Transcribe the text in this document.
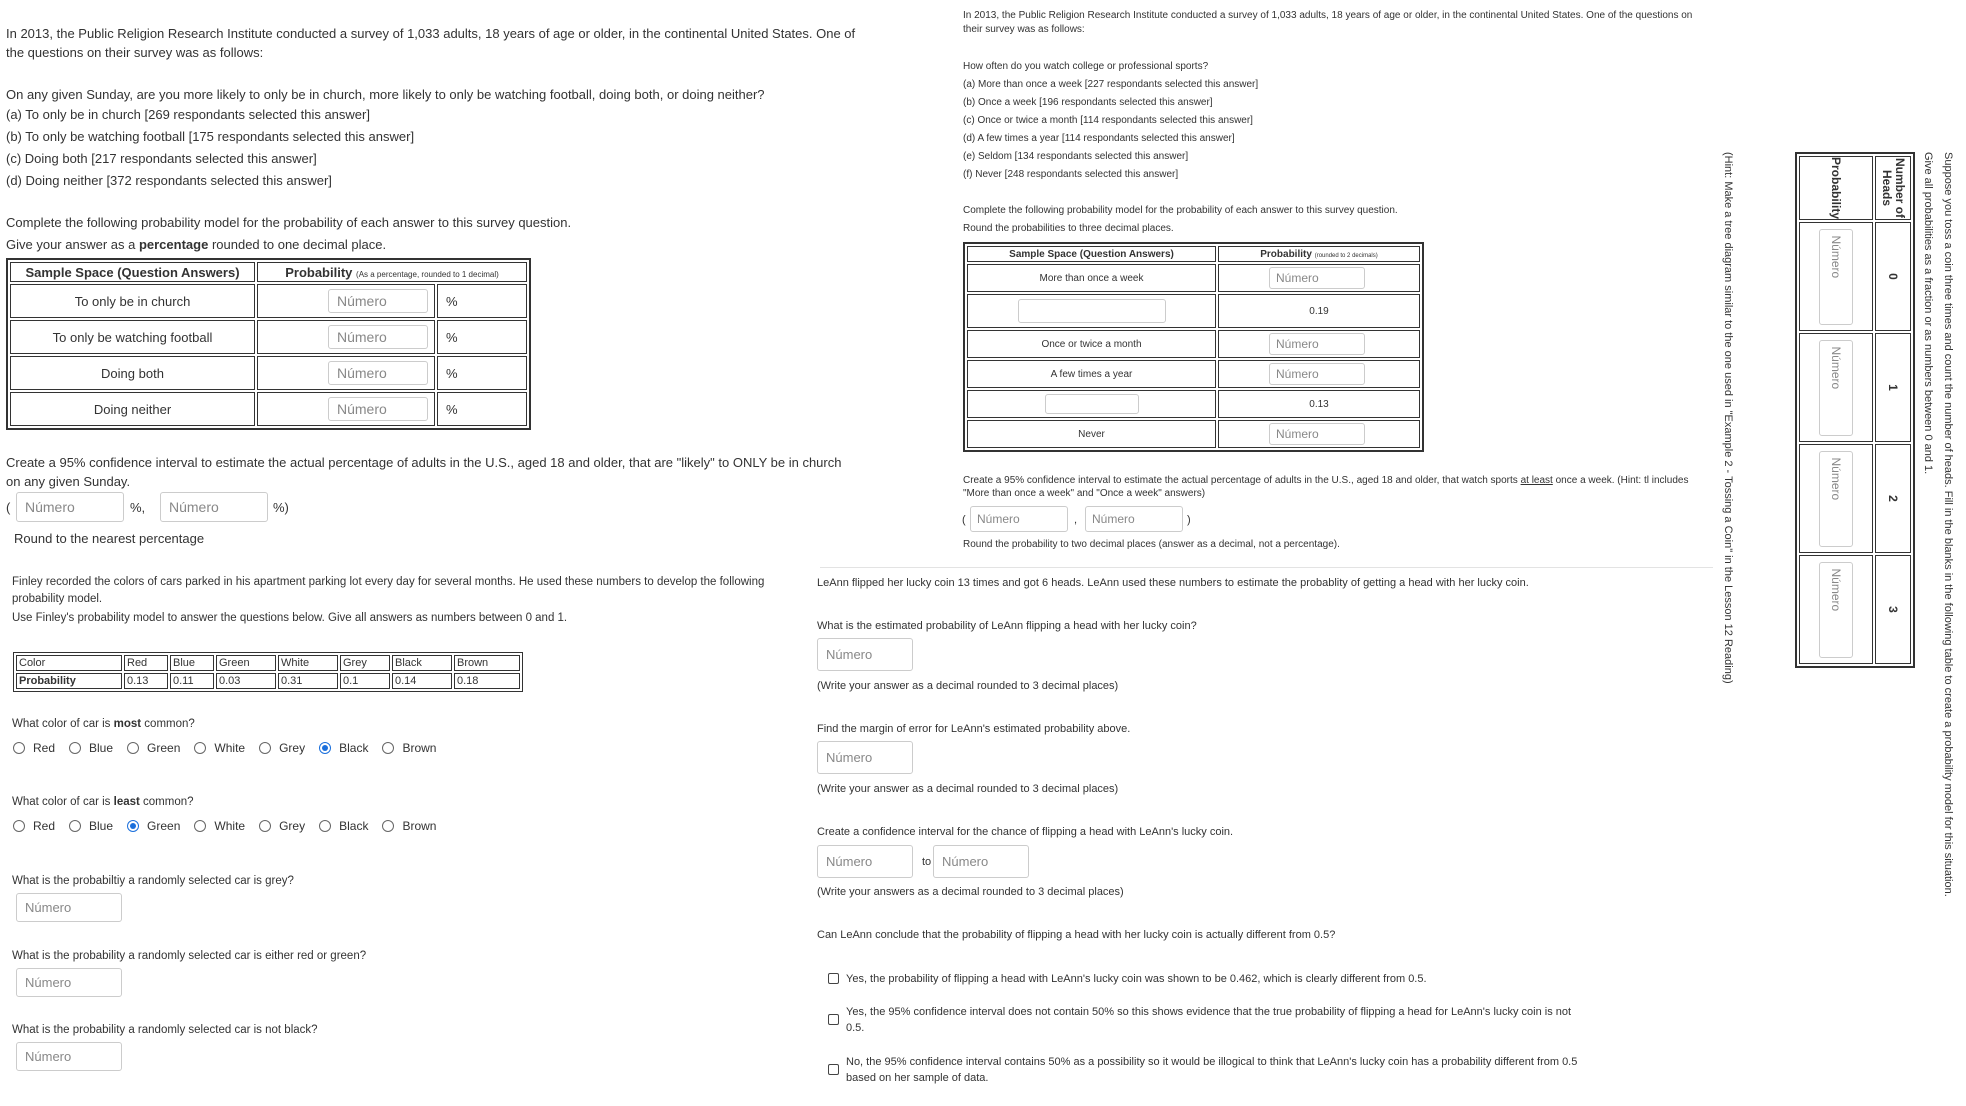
In 2013, the Public Religion Research Institute conducted a survey of 1,033 adults, 18 years of age or older, in the continental United States. One of the questions on their survey was as follows:

On any given Sunday, are you more likely to only be in church, more likely to only be watching football, doing both, or doing neither?

(a) To only be in church [269 respondants selected this answer]

(b) To only be watching football [175 respondants selected this answer]

(c) Doing both [217 respondants selected this answer]

(d) Doing neither [372 respondants selected this answer]

Complete the following probability model for the probability of each answer to this survey question.

Give your answer as a percentage rounded to one decimal place.

Sample Space (Question Answers)	Probability (As a percentage, rounded to 1 decimal)	
To only be in church	Número	%
To only be watching football	Número	%
Doing both	Número	%
Doing neither	Número	%

Create a 95% confidence interval to estimate the actual percentage of adults in the U.S., aged 18 and older, that are "likely" to ONLY be in church on any given Sunday.

(
Número	%,
Número	%)

Round to the nearest percentage

Finley recorded the colors of cars parked in his apartment parking lot every day for several months. He used these numbers to develop the following probability model.

Use Finley's probability model to answer the questions below. Give all answers as numbers between 0 and 1.

Color	Red	Blue	Green	White	Grey	Black	Brown
Probability	0.13	0.11	0.03	0.31	0.1	0.14	0.18

What color of car is most common?

Red	Blue	Green	White	Grey	Black	Brown

What color of car is least common?

Red	Blue	Green	White	Grey	Black	Brown

What is the probabiltiy a randomly selected car is grey?

Número

What is the probability a randomly selected car is either red or green?

Número

What is the probability a randomly selected car is not black?

Número

In 2013, the Public Religion Research Institute conducted a survey of 1,033 adults, 18 years of age or older, in the continental United States. One of the questions on their survey was as follows:

How often do you watch college or professional sports?

(a) More than once a week [227 respondants selected this answer]

(b) Once a week [196 respondants selected this answer]

(c) Once or twice a month [114 respondants selected this answer]

(d) A few times a year [114 respondants selected this answer]

(e) Seldom [134 respondants selected this answer]

(f) Never [248 respondants selected this answer]

Complete the following probability model for the probability of each answer to this survey question.

Round the probabilities to three decimal places.

Sample Space (Question Answers)	Probability (rounded to 2 decimals)
More than once a week	Número
	0.19
Once or twice a month	Número
A few times a year	Número
	0.13
Never	Número

Create a 95% confidence interval to estimate the actual percentage of adults in the U.S., aged 18 and older, that watch sports at least once a week. (Hint: tl includes "More than once a week" and "Once a week" answers)

(
Número	,
Número	)

Round the probability to two decimal places (answer as a decimal, not a percentage).

LeAnn flipped her lucky coin 13 times and got 6 heads. LeAnn used these numbers to estimate the probablity of getting a head with her lucky coin.

What is the estimated probability of LeAnn flipping a head with her lucky coin?

Número

(Write your answer as a decimal rounded to 3 decimal places)

Find the margin of error for LeAnn's estimated probability above.

Número

(Write your answer as a decimal rounded to 3 decimal places)

Create a confidence interval for the chance of flipping a head with LeAnn's lucky coin.

Número
to
Número

(Write your answers as a decimal rounded to 3 decimal places)

Can LeAnn conclude that the probability of flipping a head with her lucky coin is actually different from 0.5?

Yes, the probability of flipping a head with LeAnn's lucky coin was shown to be 0.462, which is clearly different from 0.5.

Yes, the 95% confidence interval does not contain 50% so this shows evidence that the true probability of flipping a head for LeAnn's lucky coin is not 0.5.

No, the 95% confidence interval contains 50% as a possibility so it would be illogical to think that LeAnn's lucky coin has a probability different from 0.5 based on her sample of data.

Suppose you toss a coin three times and count the number of heads. Fill in the blanks in the following table to create a probability model for this situation.

Give all probabilities as a fraction or as numbers between 0 and 1.

Number of Heads	0	1	2	3
Probability	Número	Número	Número	Número

(Hint: Make a tree diagram similar to the one used in "Example 2 - Tossing a Coin" in the Lesson 12 Reading)
